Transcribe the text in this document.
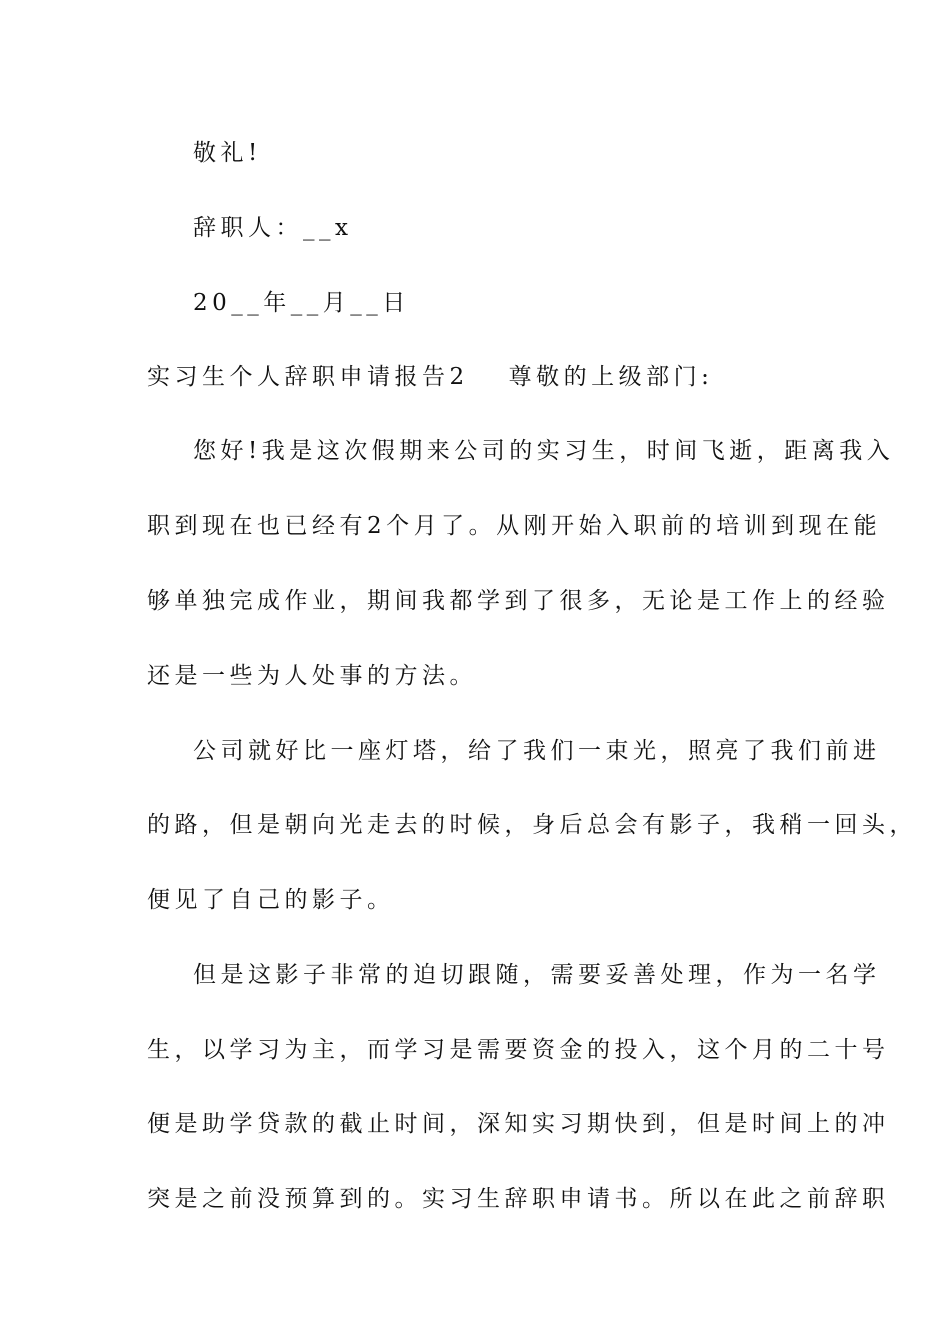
敬礼!
辞职人：__x
20__年__月__日
实习生个人辞职申请报告2 尊敬的上级部门:
您好!我是这次假期来公司的实习生，时间飞逝，距离我入
职到现在也已经有2个月了。从刚开始入职前的培训到现在能
够单独完成作业，期间我都学到了很多，无论是工作上的经验
还是一些为人处事的方法。
公司就好比一座灯塔，给了我们一束光，照亮了我们前进
的路，但是朝向光走去的时候，身后总会有影子，我稍一回头，
便见了自己的影子。
但是这影子非常的迫切跟随，需要妥善处理，作为一名学
生，以学习为主，而学习是需要资金的投入，这个月的二十号
便是助学贷款的截止时间，深知实习期快到，但是时间上的冲
突是之前没预算到的。实习生辞职申请书。所以在此之前辞职
